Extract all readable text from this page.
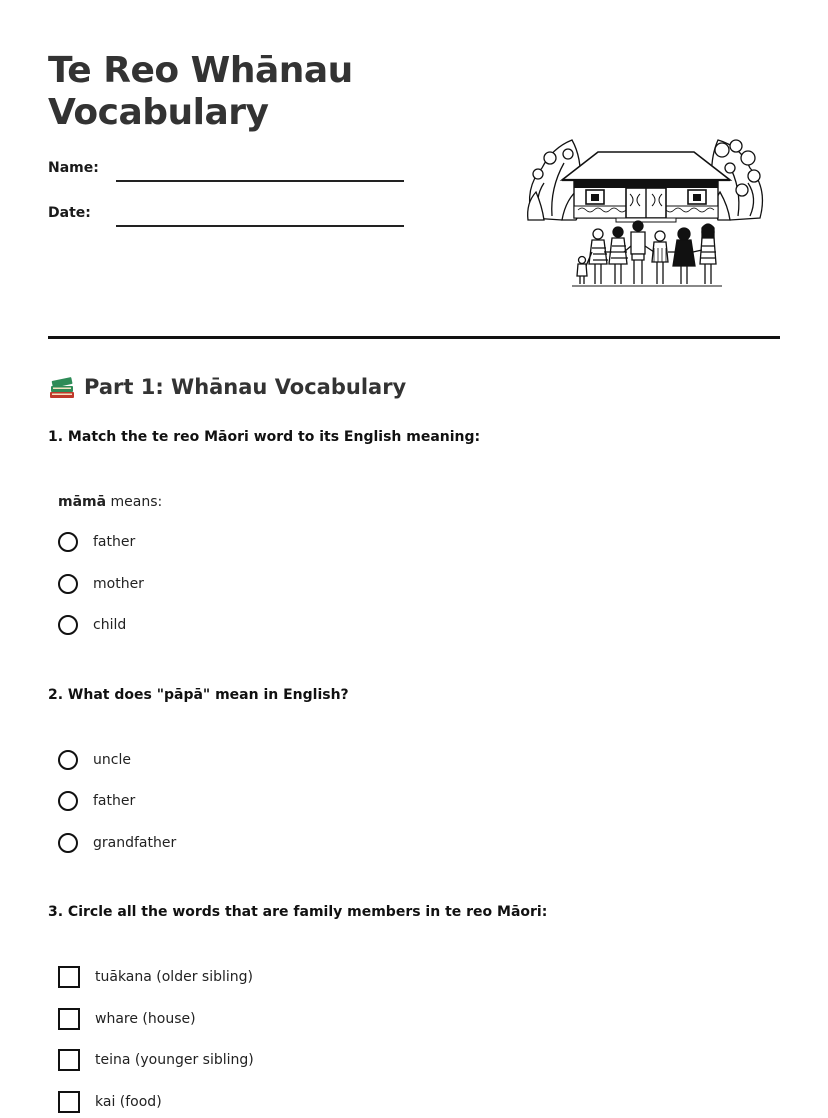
Te Reo Whānau Vocabulary
Name:
Date:
Part 1: Whānau Vocabulary
1. Match the te reo Māori word to its English meaning:
māmā means:
father
mother
child
2. What does "pāpā" mean in English?
uncle
father
grandfather
3. Circle all the words that are family members in te reo Māori:
tuākana (older sibling)
whare (house)
teina (younger sibling)
kai (food)
